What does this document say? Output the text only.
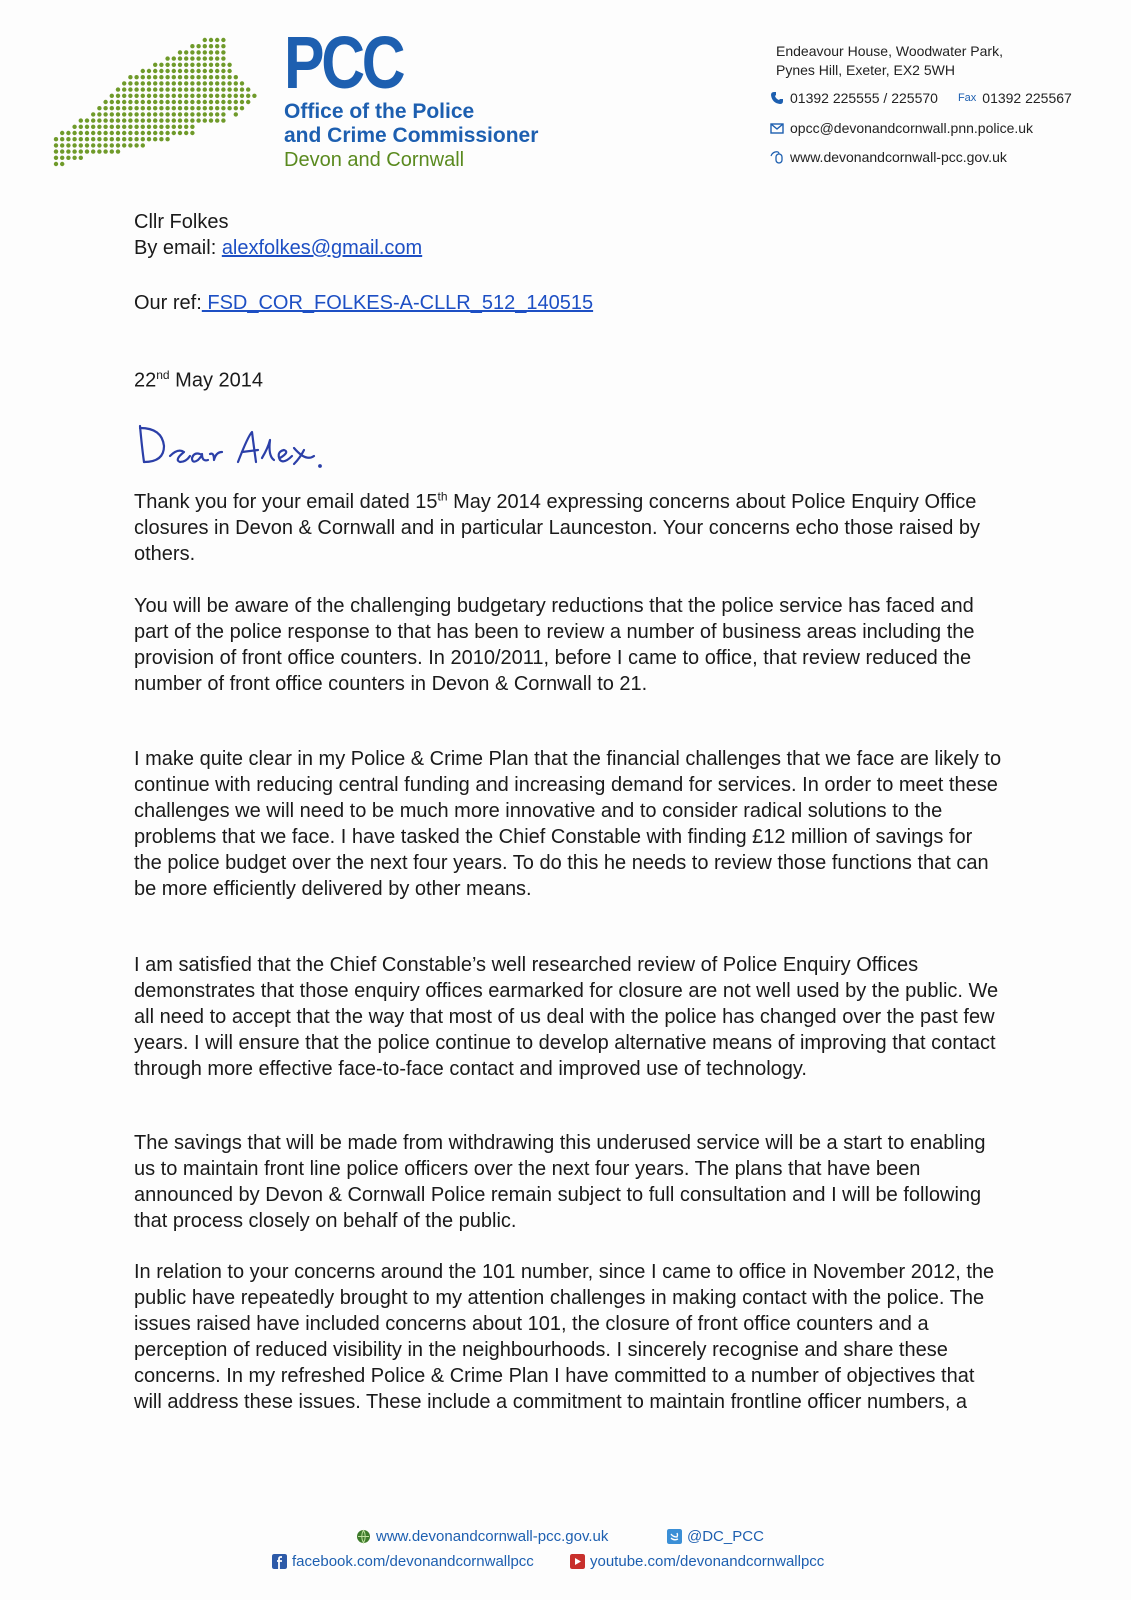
PCC
Office of the Police
and Crime Commissioner
Devon and Cornwall
Endeavour House, Woodwater Park,
Pynes Hill, Exeter, EX2 5WH
01392 225555 / 225570 Fax 01392 225567
opcc@devonandcornwall.pnn.police.uk
www.devonandcornwall-pcc.gov.uk
Cllr Folkes
By email: alexfolkes@gmail.com
Our ref: FSD_COR_FOLKES-A-CLLR_512_140515
22nd May 2014

Thank you for your email dated 15th May 2014 expressing concerns about Police Enquiry Office closures in Devon & Cornwall and in particular Launceston. Your concerns echo those raised by others.

You will be aware of the challenging budgetary reductions that the police service has faced and part of the police response to that has been to review a number of business areas including the provision of front office counters. In 2010/2011, before I came to office, that review reduced the number of front office counters in Devon & Cornwall to 21.

I make quite clear in my Police & Crime Plan that the financial challenges that we face are likely to continue with reducing central funding and increasing demand for services. In order to meet these challenges we will need to be much more innovative and to consider radical solutions to the problems that we face. I have tasked the Chief Constable with finding £12 million of savings for the police budget over the next four years. To do this he needs to review those functions that can be more efficiently delivered by other means.

I am satisfied that the Chief Constable’s well researched review of Police Enquiry Offices demonstrates that those enquiry offices earmarked for closure are not well used by the public. We all need to accept that the way that most of us deal with the police has changed over the past few years. I will ensure that the police continue to develop alternative means of improving that contact through more effective face-to-face contact and improved use of technology.

The savings that will be made from withdrawing this underused service will be a start to enabling us to maintain front line police officers over the next four years. The plans that have been announced by Devon & Cornwall Police remain subject to full consultation and I will be following that process closely on behalf of the public.

In relation to your concerns around the 101 number, since I came to office in November 2012, the public have repeatedly brought to my attention challenges in making contact with the police. The issues raised have included concerns about 101, the closure of front office counters and a perception of reduced visibility in the neighbourhoods. I sincerely recognise and share these concerns. In my refreshed Police & Crime Plan I have committed to a number of objectives that will address these issues. These include a commitment to maintain frontline officer numbers, a

www.devonandcornwall-pcc.gov.uk	@DC_PCC
facebook.com/devonandcornwallpcc	youtube.com/devonandcornwallpcc
